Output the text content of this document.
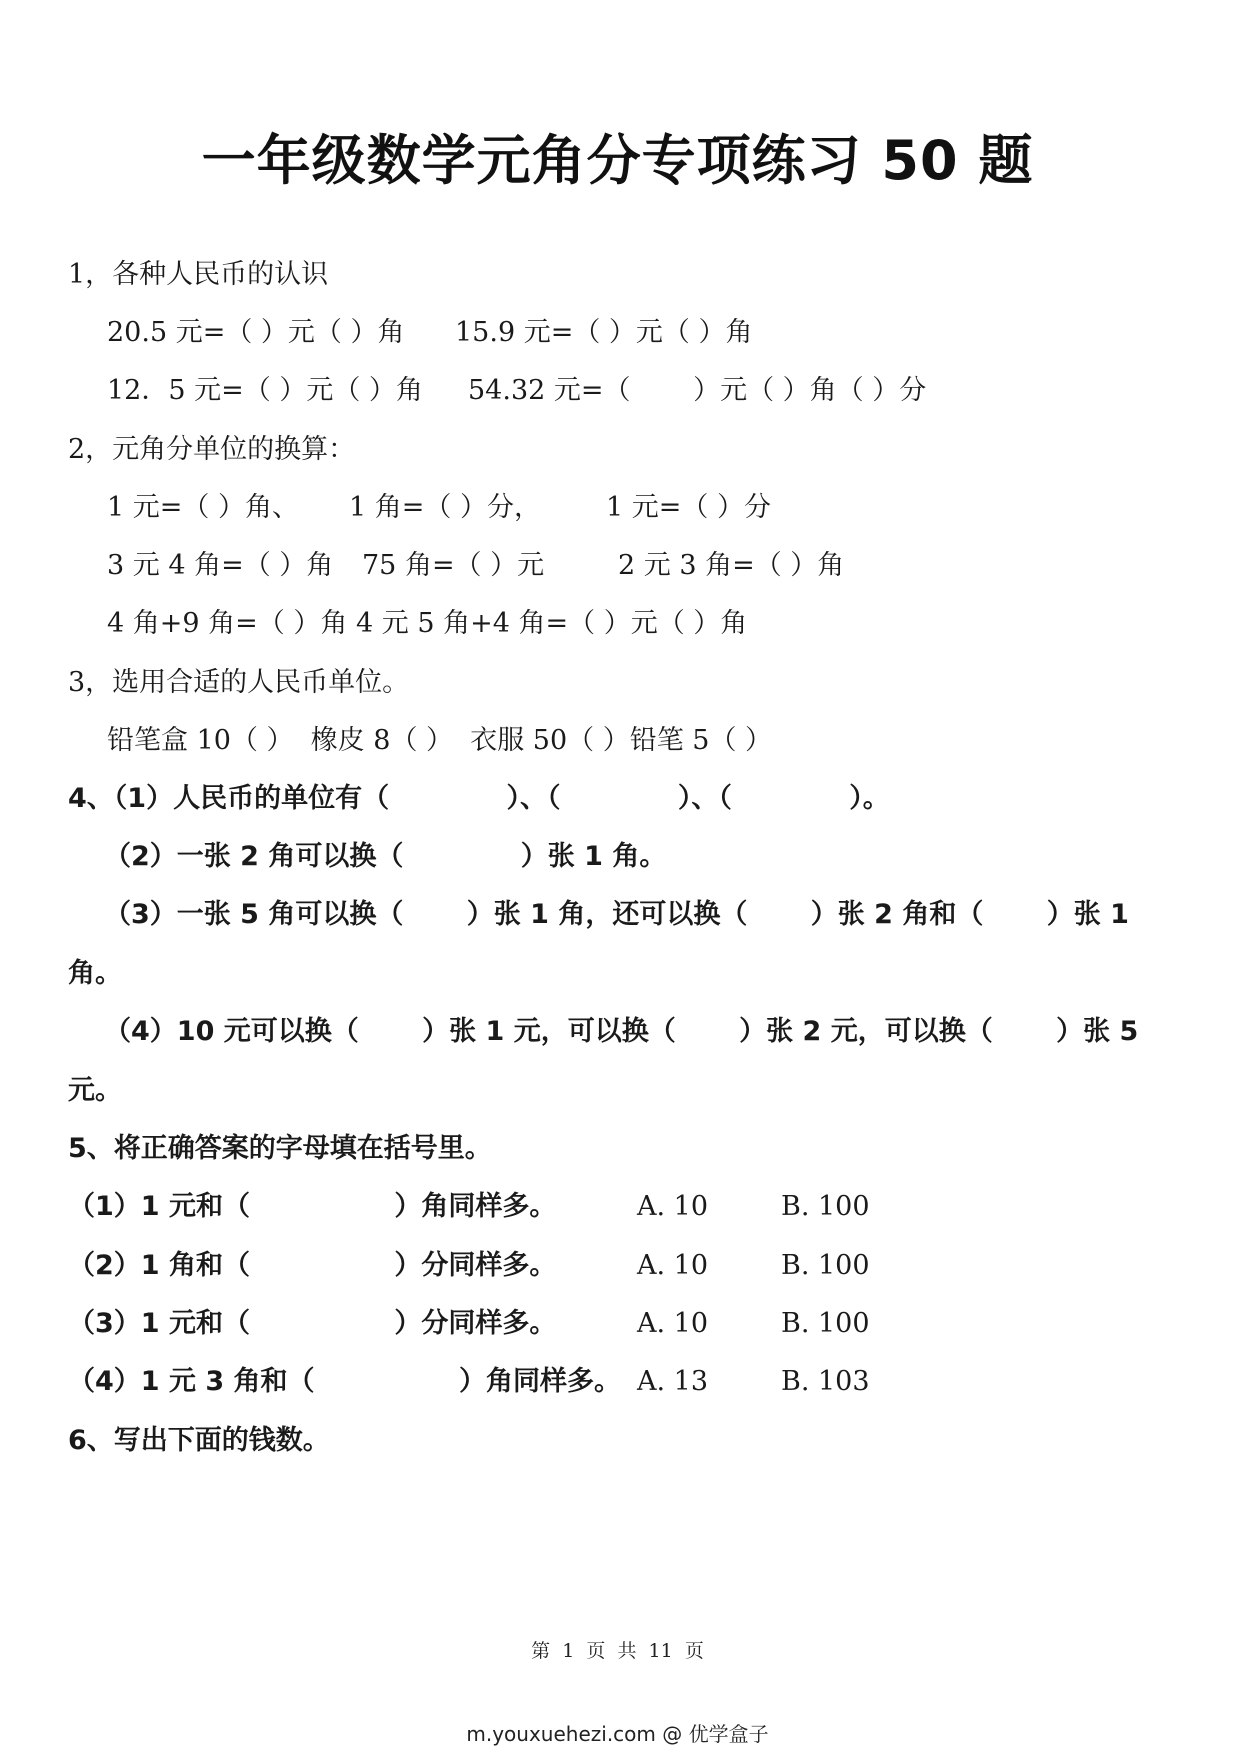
一年级数学元角分专项练习 50 题
1，各种人民币的认识
20.5 元=（ ）元（ ）角 15.9 元=（ ）元（ ）角
12．5 元=（ ）元（ ）角 54.32 元=（　　 ）元（ ）角（ ）分
2，元角分单位的换算：
1 元=（ ）角、 1 角=（ ）分， 1 元=（ ）分
3 元 4 角=（ ）角 75 角=（ ）元	2 元 3 角=（ ）角
4 角+9 角=（ ）角 4 元 5 角+4 角=（ ）元（ ）角
3，选用合适的人民币单位。
铅笔盒 10（ ）  橡皮 8（ ）  衣服 50（ ）铅笔 5（ ）
4、（1）人民币的单位有（　　　　 ）、（　　　　 ）、（　　　　 ）。
（2）一张 2 角可以换（　　　　 ）张 1 角。
（3）一张 5 角可以换（　　 ）张 1 角，还可以换（　　 ）张 2 角和（　　 ）张 1
角。
（4）10 元可以换（　　 ）张 1 元，可以换（　　 ）张 2 元，可以换（　　 ）张 5
元。
5、将正确答案的字母填在括号里。
（1）1 元和（　　　　　 ）角同样多。	A. 10	B. 100
（2）1 角和（　　　　　 ）分同样多。	A. 10	B. 100
（3）1 元和（　　　　　 ）分同样多。	A. 10	B. 100
（4）1 元 3 角和（　　　　　 ）角同样多。 A. 13	B. 103
6、写出下面的钱数。
第  1  页  共  11  页
m.youxuehezi.com @ 优学盒子
